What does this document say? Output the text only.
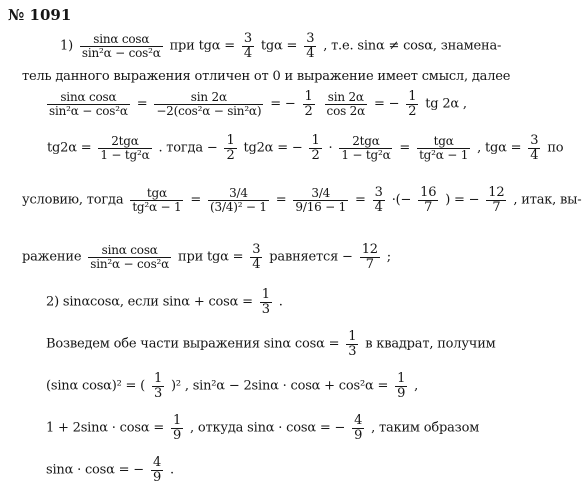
№ 1091
$1) \frac{\text{sinα cosα}}{\text{sin²α − cos²α}}$ при $tg\alpha = \frac{3}{4}$ $tg\alpha = \frac{3}{4}$ , т.е. sinα ≠ cosα, знамена-
тель данного выражения отличен от 0 и выражение имеет смысл, далее
$\frac{\text{sinα cosα}}{\text{sin²α − cos²α}} = \frac{\sin 2\alpha}{\text{−2(cos²α − sin²α)}}$ = − $\frac{1}{2}$
$\frac{\sin 2\alpha}{\cos 2\alpha}$ = − $\frac{1}{2}$ tg 2α ,
$tg2\alpha = \frac{\text{2tgα}}{\text{1 − tg²α}}$ . тогда − $\frac{1}{2} tg2\alpha$ = − $\frac{1}{2} \cdot \frac{\text{2tgα}}{\text{1 − tg²α}} = \frac{\text{tgα}}{\text{tg²α − 1}}$ , $tg\alpha = \frac{3}{4}$ по
условию, тогда $\frac{\text{tgα}}{\text{tg²α − 1}} = \frac{3/4}{\text{(3/4)² − 1}} = \frac{3/4}{9/16 - 1} = \frac{3}{4}$ ·(− $\frac{16}{7}$ ) = − $\frac{12}{7}$ , итак, вы-
ражение $\frac{\text{sinα cosα}}{\text{sin²α − cos²α}}$ при $tg\alpha = \frac{3}{4}$ равняется − $\frac{12}{7}$ ;
2) sinαcosα, если $\sin\alpha + \cos\alpha = \frac{1}{3}$ .
Возведем обе части выражения sinα $\cos\alpha = \frac{1}{3}$ в квадрат, получим
(sinα cosα)² = ( $\frac{1}{3} )^2$ , $\sin^2\alpha - 2\sin\alpha \cdot \cos\alpha + \cos^2\alpha = \frac{1}{9}$ ,
$1 + 2\sin\alpha \cdot \cos\alpha = \frac{1}{9}$ , откуда sinα · cosα = − $\frac{4}{9}$ , таким образом
sinα · cosα = − $\frac{4}{9}$ .
